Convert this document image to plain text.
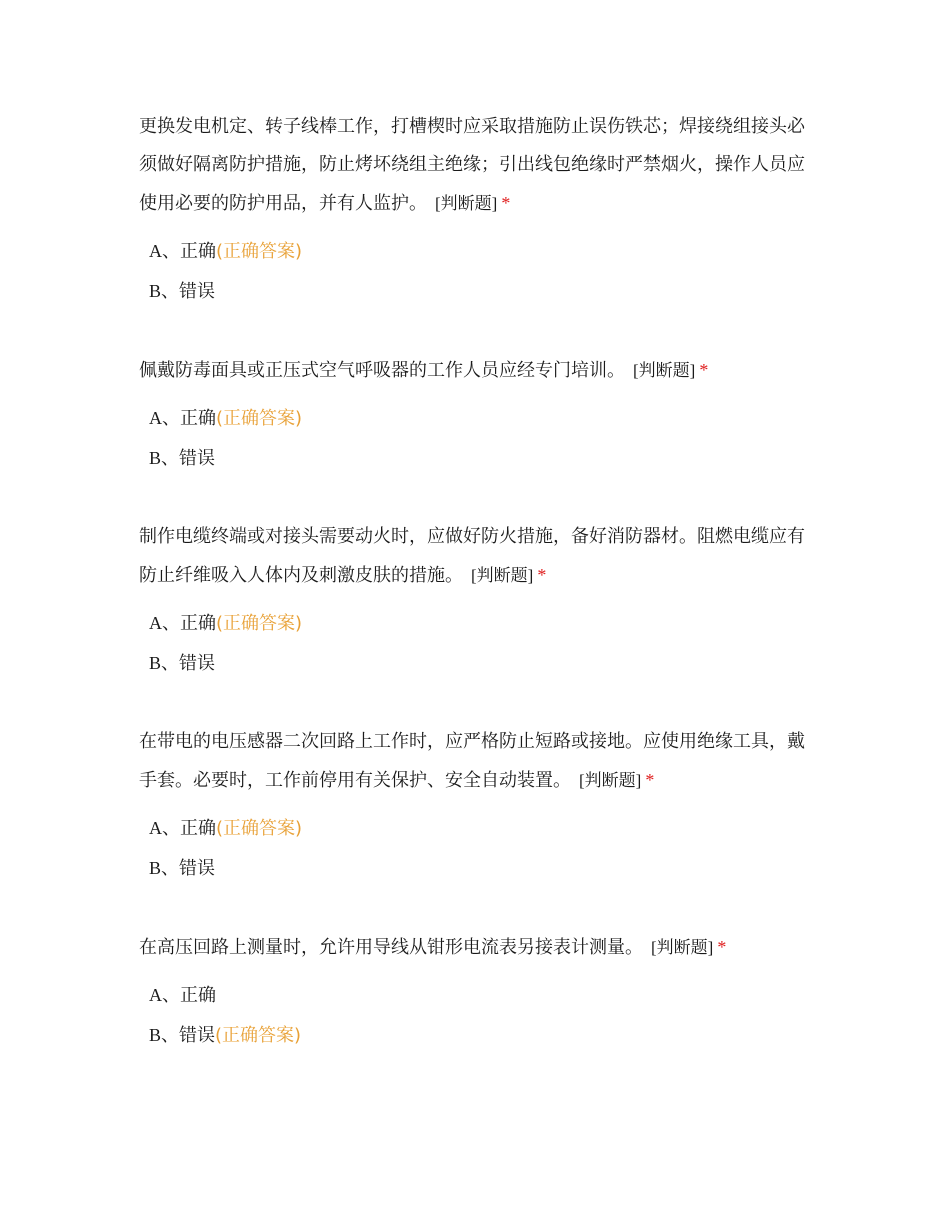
更换发电机定、转子线棒工作，打槽楔时应采取措施防止误伤铁芯；焊接绕组接头必须做好隔离防护措施，防止烤坏绕组主绝缘；引出线包绝缘时严禁烟火，操作人员应使用必要的防护用品，并有人监护。 [判断题] *

A、正确(正确答案)
B、错误

佩戴防毒面具或正压式空气呼吸器的工作人员应经专门培训。 [判断题] *

A、正确(正确答案)
B、错误

制作电缆终端或对接头需要动火时，应做好防火措施，备好消防器材。阻燃电缆应有防止纤维吸入人体内及刺激皮肤的措施。 [判断题] *

A、正确(正确答案)
B、错误

在带电的电压感器二次回路上工作时，应严格防止短路或接地。应使用绝缘工具，戴手套。必要时，工作前停用有关保护、安全自动装置。 [判断题] *

A、正确(正确答案)
B、错误

在高压回路上测量时，允许用导线从钳形电流表另接表计测量。 [判断题] *

A、正确
B、错误(正确答案)
